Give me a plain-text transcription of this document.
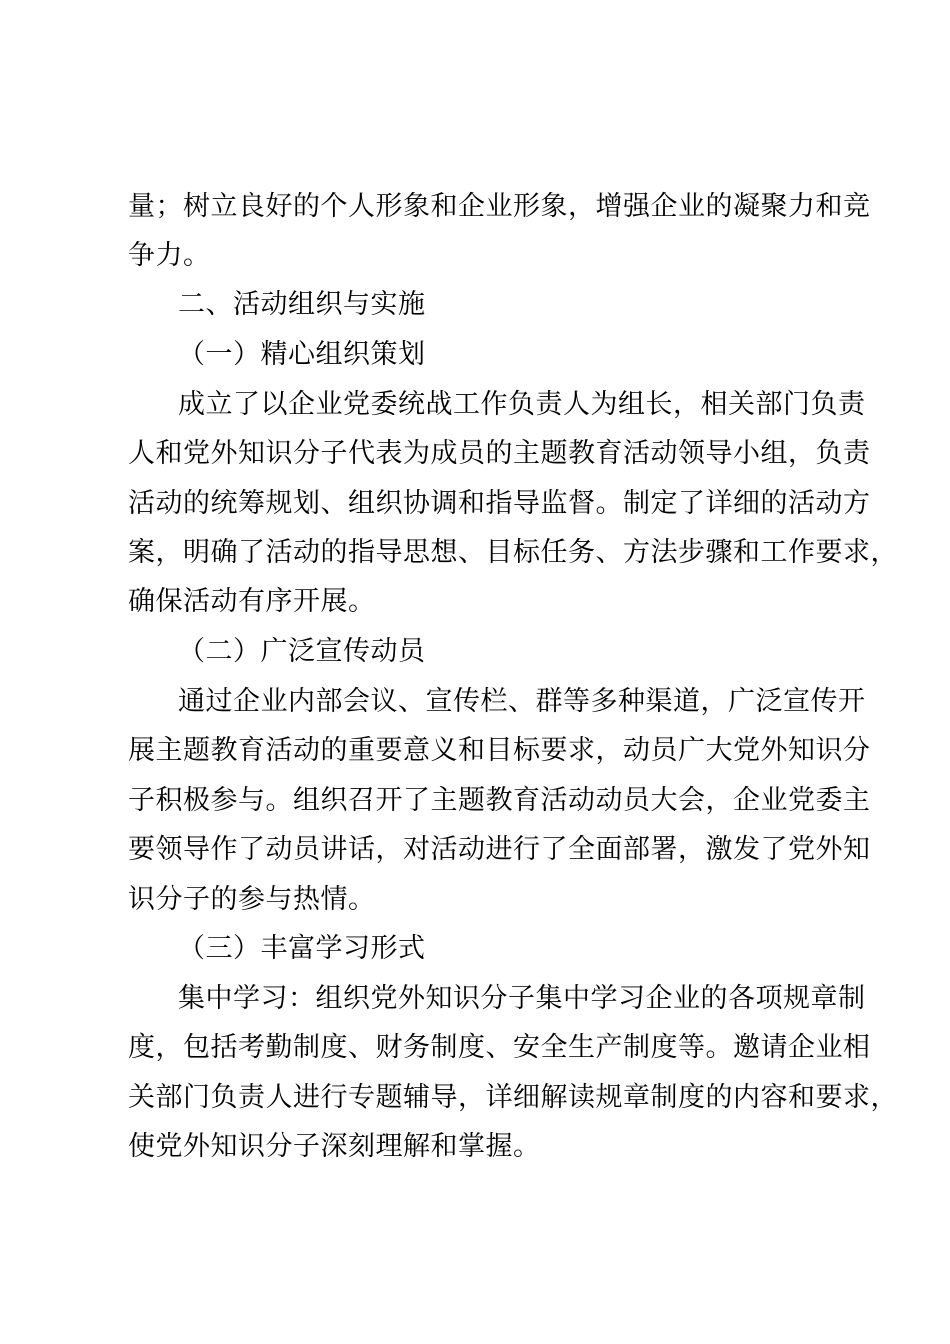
量；树立良好的个人形象和企业形象，增强企业的凝聚力和竞

争力。

二、活动组织与实施

（一）精心组织策划

成立了以企业党委统战工作负责人为组长，相关部门负责

人和党外知识分子代表为成员的主题教育活动领导小组，负责

活动的统筹规划、组织协调和指导监督。制定了详细的活动方

案，明确了活动的指导思想、目标任务、方法步骤和工作要求，

确保活动有序开展。

（二）广泛宣传动员

通过企业内部会议、宣传栏、群等多种渠道，广泛宣传开

展主题教育活动的重要意义和目标要求，动员广大党外知识分

子积极参与。组织召开了主题教育活动动员大会，企业党委主

要领导作了动员讲话，对活动进行了全面部署，激发了党外知

识分子的参与热情。

（三）丰富学习形式

集中学习：组织党外知识分子集中学习企业的各项规章制

度，包括考勤制度、财务制度、安全生产制度等。邀请企业相

关部门负责人进行专题辅导，详细解读规章制度的内容和要求，

使党外知识分子深刻理解和掌握。
